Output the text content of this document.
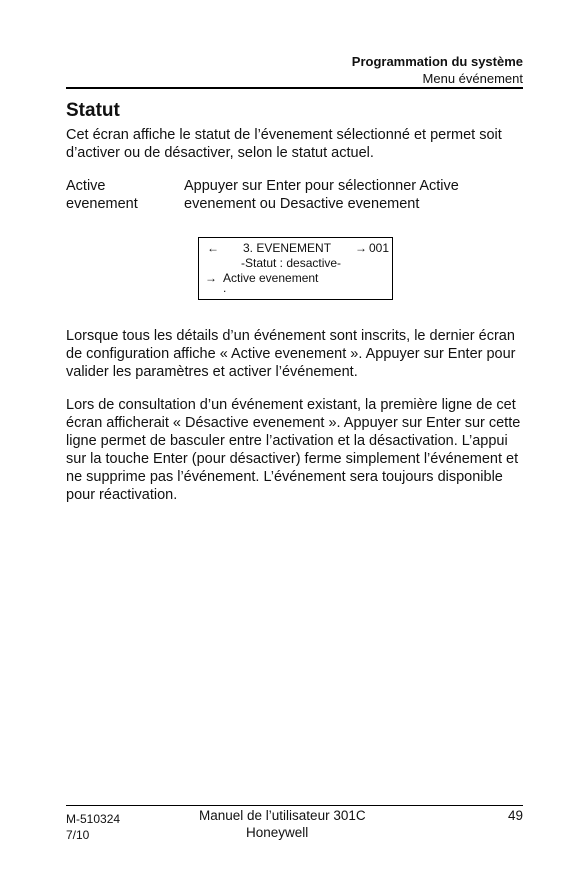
Programmation du système
Menu événement
Statut
Cet écran affiche le statut de l’évenement sélectionné et permet soit d’activer ou de désactiver, selon le statut actuel.
Active evenement
Appuyer sur Enter pour sélectionner Active evenement ou Desactive evenement
← 3. EVENEMENT → 001
-Statut : desactive-
→ Active evenement
.
Lorsque tous les détails d’un événement sont inscrits, le dernier écran de configuration affiche « Active evenement ». Appuyer sur Enter pour valider les paramètres et activer l’événement.
Lors de consultation d’un événement existant, la première ligne de cet écran afficherait « Désactive evenement ». Appuyer sur Enter sur cette ligne permet de basculer entre l’activation et la désactivation. L’appui sur la touche Enter (pour désactiver) ferme simplement l’événement et ne supprime pas l’événement. L’événement sera toujours disponible pour réactivation.
M-510324
7/10
Manuel de l’utilisateur 301C
Honeywell
49
